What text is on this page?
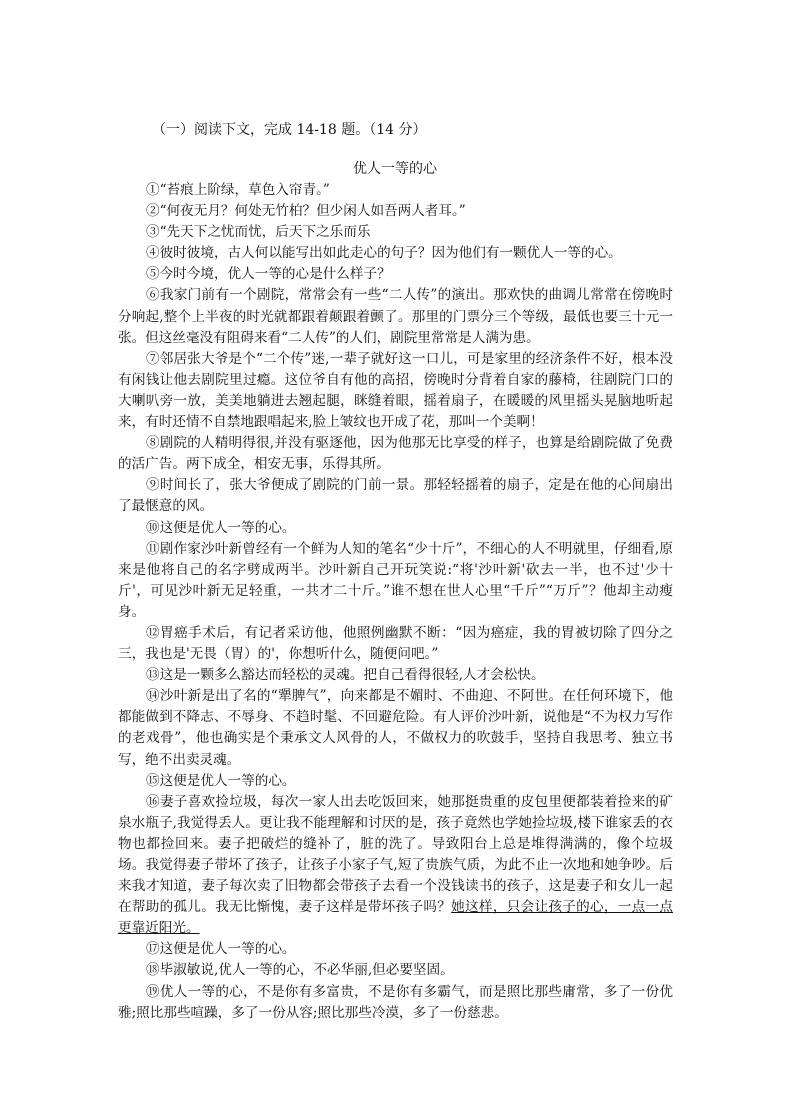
（一）阅读下文，完成 14-18 题。（14 分）
优人一等的心

①“苔痕上阶绿，草色入帘青。”

②“何夜无月？何处无竹柏？但少闲人如吾两人者耳。”

③“先天下之忧而忧，后天下之乐而乐

④彼时彼境，古人何以能写出如此走心的句子？因为他们有一颗优人一等的心。

⑤今时今境，优人一等的心是什么样子？

⑥我家门前有一个剧院，常常会有一些“二人传”的演出。那欢快的曲调儿常常在傍晚时分响起,整个上半夜的时光就都跟着颠跟着颤了。那里的门票分三个等级，最低也要三十元一张。但这丝毫没有阻碍来看“二人传”的人们，剧院里常常是人满为患。

⑦邻居张大爷是个“二个传”迷,一辈子就好这一口儿，可是家里的经济条件不好，根本没有闲钱让他去剧院里过瘾。这位爷自有他的高招，傍晚时分背着自家的藤椅，往剧院门口的大喇叭旁一放，美美地躺进去翘起腿，眯缝着眼，摇着扇子，在暖暖的风里摇头晃脑地听起来，有时还情不自禁地跟唱起来,脸上皱纹也开成了花，那叫一个美啊！

⑧剧院的人精明得很,并没有驱逐他，因为他那无比享受的样子，也算是给剧院做了免费的活广告。两下成全，相安无事，乐得其所。

⑨时间长了，张大爷便成了剧院的门前一景。那轻轻摇着的扇子，定是在他的心间扇出了最惬意的风。

⑩这便是优人一等的心。

⑪剧作家沙叶新曾经有一个鲜为人知的笔名“少十斤”，不细心的人不明就里，仔细看,原来是他将自己的名字劈成两半。沙叶新自己开玩笑说:“将'沙叶新'砍去一半，也不过'少十斤'，可见沙叶新无足轻重，一共才二十斤。”谁不想在世人心里“千斤”“万斤”？他却主动瘦身。

⑫胃癌手术后，有记者采访他，他照例幽默不断：“因为癌症，我的胃被切除了四分之三，我也是'无畏（胃）的'，你想听什么，随便问吧。”

⑬这是一颗多么豁达而轻松的灵魂。把自己看得很轻,人才会松快。

⑭沙叶新是出了名的“犟脾气”，向来都是不媚时、不曲迎、不阿世。在任何环境下，他都能做到不降志、不辱身、不趋时髦、不回避危险。有人评价沙叶新，说他是“不为权力写作的老戏骨”，他也确实是个秉承文人风骨的人，不做权力的吹鼓手，坚持自我思考、独立书写，绝不出卖灵魂。

⑮这便是优人一等的心。

⑯妻子喜欢捡垃圾，每次一家人出去吃饭回来，她那挺贵重的皮包里便都装着捡来的矿泉水瓶子,我觉得丢人。更让我不能理解和讨厌的是，孩子竟然也学她捡垃圾,楼下谁家丢的衣物也都捡回来。妻子把破烂的缝补了，脏的洗了。导致阳台上总是堆得满满的，像个垃圾场。我觉得妻子带坏了孩子，让孩子小家子气,短了贵族气质，为此不止一次地和她争吵。后来我才知道，妻子每次卖了旧物都会带孩子去看一个没钱读书的孩子，这是妻子和女儿一起在帮助的孤儿。我无比惭愧，妻子这样是带坏孩子吗？她这样，只会让孩子的心，一点一点更靠近阳光。

⑰这便是优人一等的心。

⑱毕淑敏说,优人一等的心，不必华丽,但必要坚固。

⑲优人一等的心，不是你有多富贵，不是你有多霸气，而是照比那些庸常，多了一份优雅;照比那些喧躁，多了一份从容;照比那些冷漠，多了一份慈悲。
